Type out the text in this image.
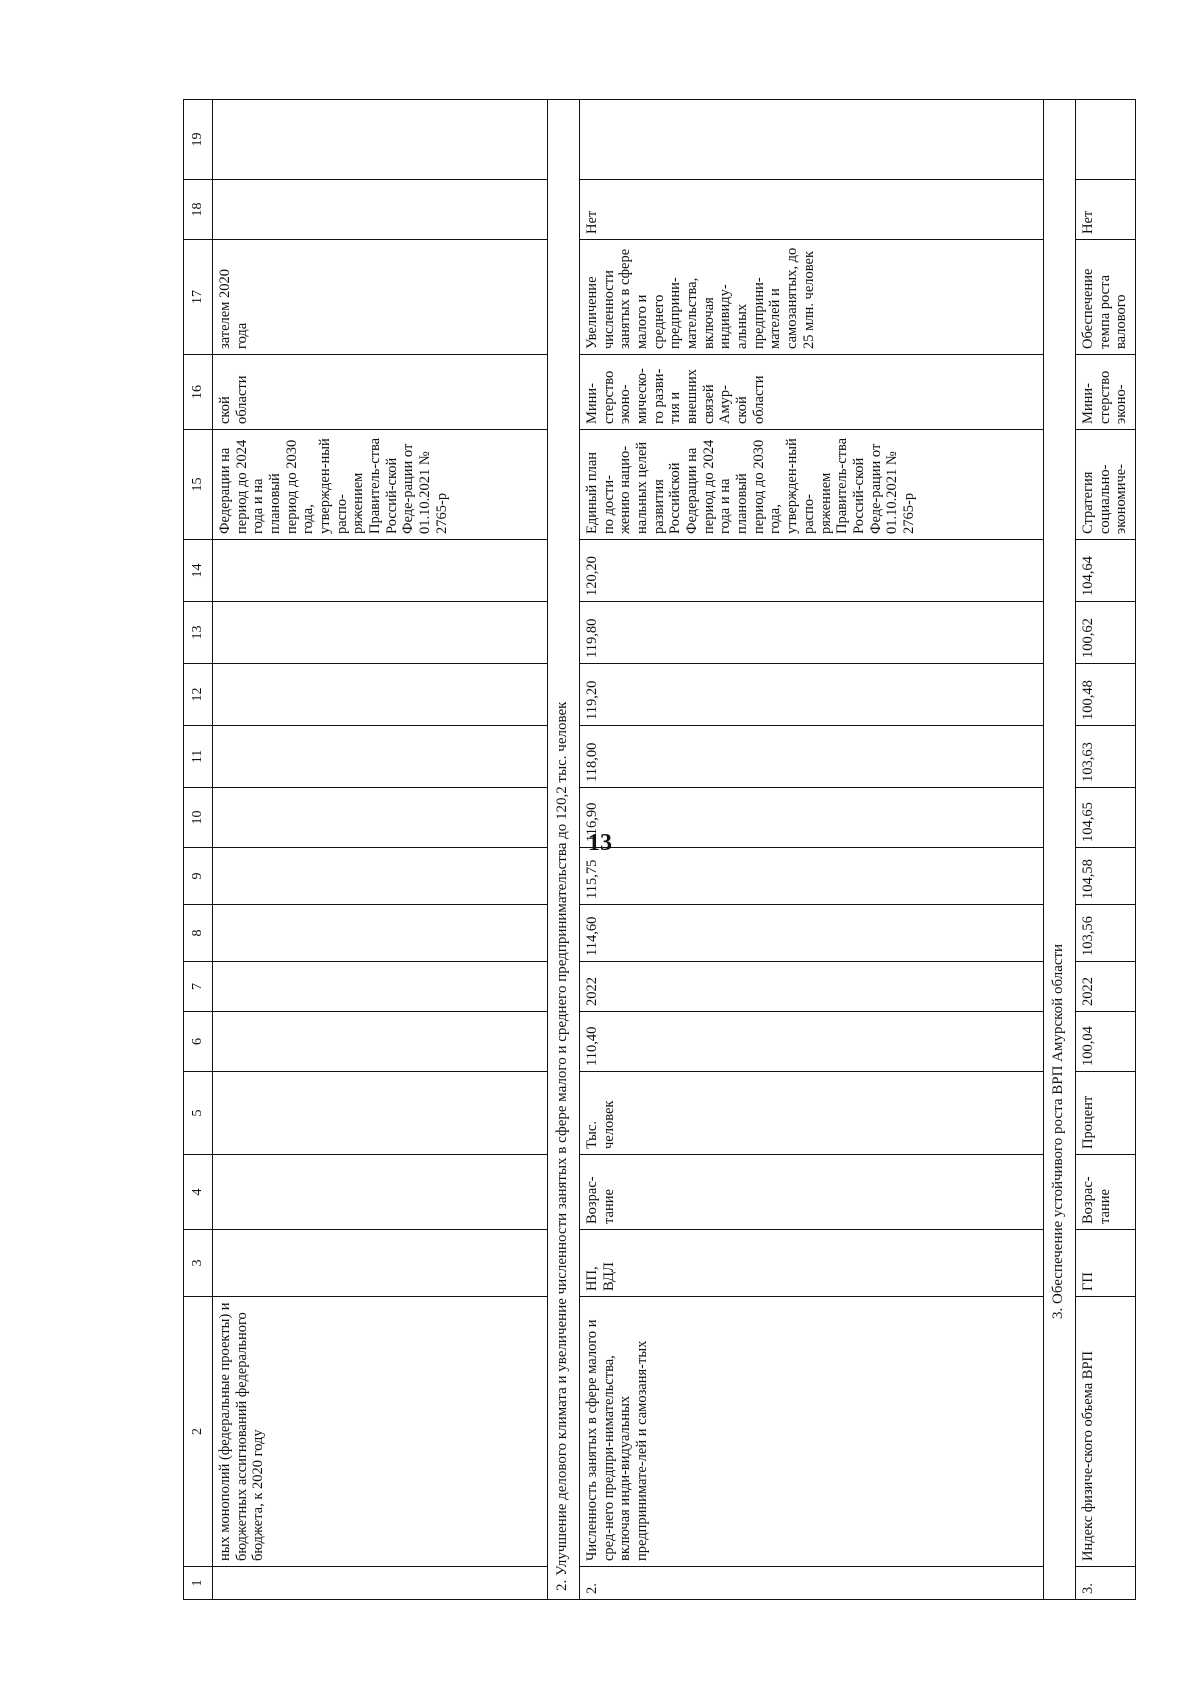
13
1	2	3	4	5	6	7	8	9	10	11	12	13	14	15	16	17	18	19
	ных монополий (федеральные проекты) и бюджетных ассигнований федерального бюджета, к 2020 году													Федерации на период до 2024 года и на плановый период до 2030 года, утвержден-ный распо-ряжением Правитель-ства Россий-ской Феде-рации от 01.10.2021 № 2765-р	ской области	зателем 2020 года		
2. Улучшение делового климата и увеличение численности занятых в сфере малого и среднего предпринимательства до 120,2 тыс. человек																		
2.	Численность занятых в сфере малого и сред-него предпри-нимательства, включая инди-видуальных предпринимате-лей и самозаня-тых	НП, ВДЛ	Возрас-тание	Тыс. человек	110,40	2022	114,60	115,75	116,90	118,00	119,20	119,80	120,20	Единый план по дости-жению нацио-нальных целей развития Российской Федерации на период до 2024 года и на плановый период до 2030 года, утвержден-ный распо-ряжением Правитель-ства Россий-ской Феде-рации от 01.10.2021 № 2765-р	Мини-стерство эконо-мическо-го разви-тия и внешних связей Амур-ской области	Увеличение численности занятых в сфере малого и среднего предприни-мательства, включая индивиду-альных предприни-мателей и самозанятых, до 25 млн. человек	Нет	
3. Обеспечение устойчивого роста ВРП Амурской области																		
3.	Индекс физиче-ского объема ВРП	ГП	Возрас-тание	Процент	100,04	2022	103,56	104,58	104,65	103,63	100,48	100,62	104,64	Стратегия социально-экономиче-	Мини-стерство эконо-	Обеспечение темпа роста валового	Нет	
